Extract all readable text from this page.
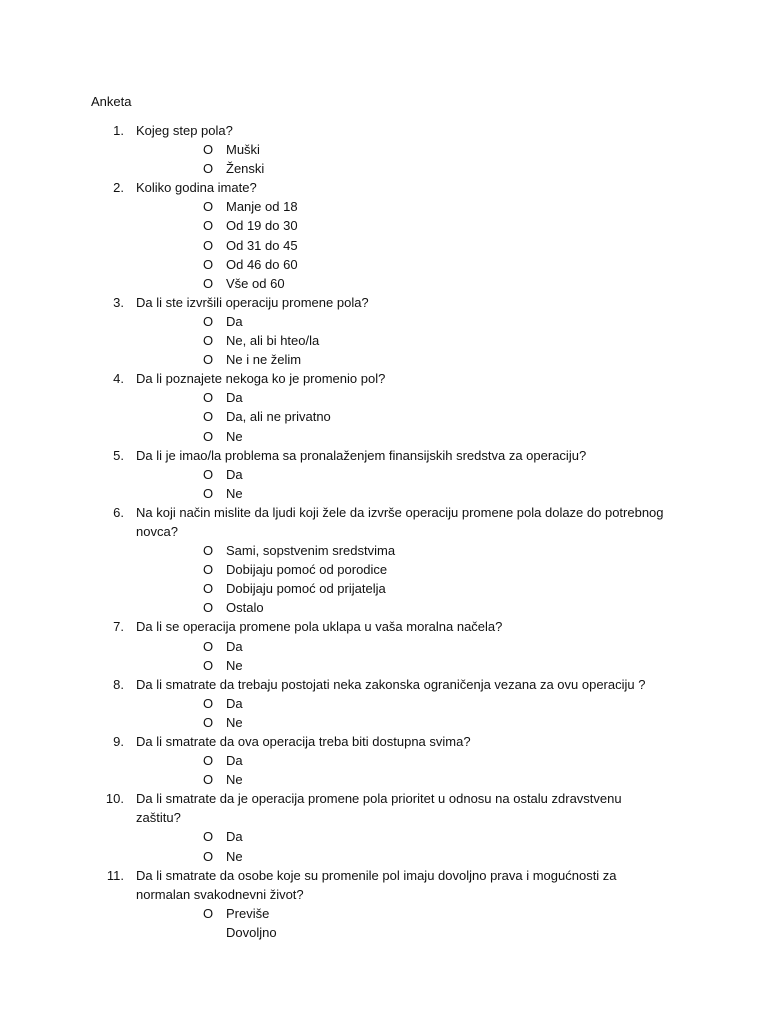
Anketa
1. Kojeg step pola?
O Muški
O Ženski
2. Koliko godina imate?
O Manje od 18
O Od 19 do 30
O Od 31 do 45
O Od 46 do 60
O Vše od 60
3. Da li ste izvršili operaciju promene pola?
O Da
O Ne, ali bi hteo/la
O Ne i ne želim
4. Da li poznajete nekoga ko je promenio pol?
O Da
O Da, ali ne privatno
O Ne
5. Da li je imao/la problema sa pronalaženjem finansijskih sredstva za operaciju?
O Da
O Ne
6. Na koji način mislite da ljudi koji žele da izvrše operaciju promene pola dolaze do potrebnog novca?
O Sami, sopstvenim sredstvima
O Dobijaju pomoć od porodice
O Dobijaju pomoć od prijatelja
O Ostalo
7. Da li se operacija promene pola uklapa u vaša moralna načela?
O Da
O Ne
8. Da li smatrate da trebaju postojati neka zakonska ograničenja vezana za ovu operaciju ?
O Da
O Ne
9. Da li smatrate da ova operacija treba biti dostupna svima?
O Da
O Ne
10. Da li smatrate da je operacija promene pola prioritet u odnosu na ostalu zdravstvenu zaštitu?
O Da
O Ne
11. Da li smatrate da osobe koje su promenile pol imaju dovoljno prava i mogućnosti za normalan svakodnevni život?
O Previše
Dovoljno
